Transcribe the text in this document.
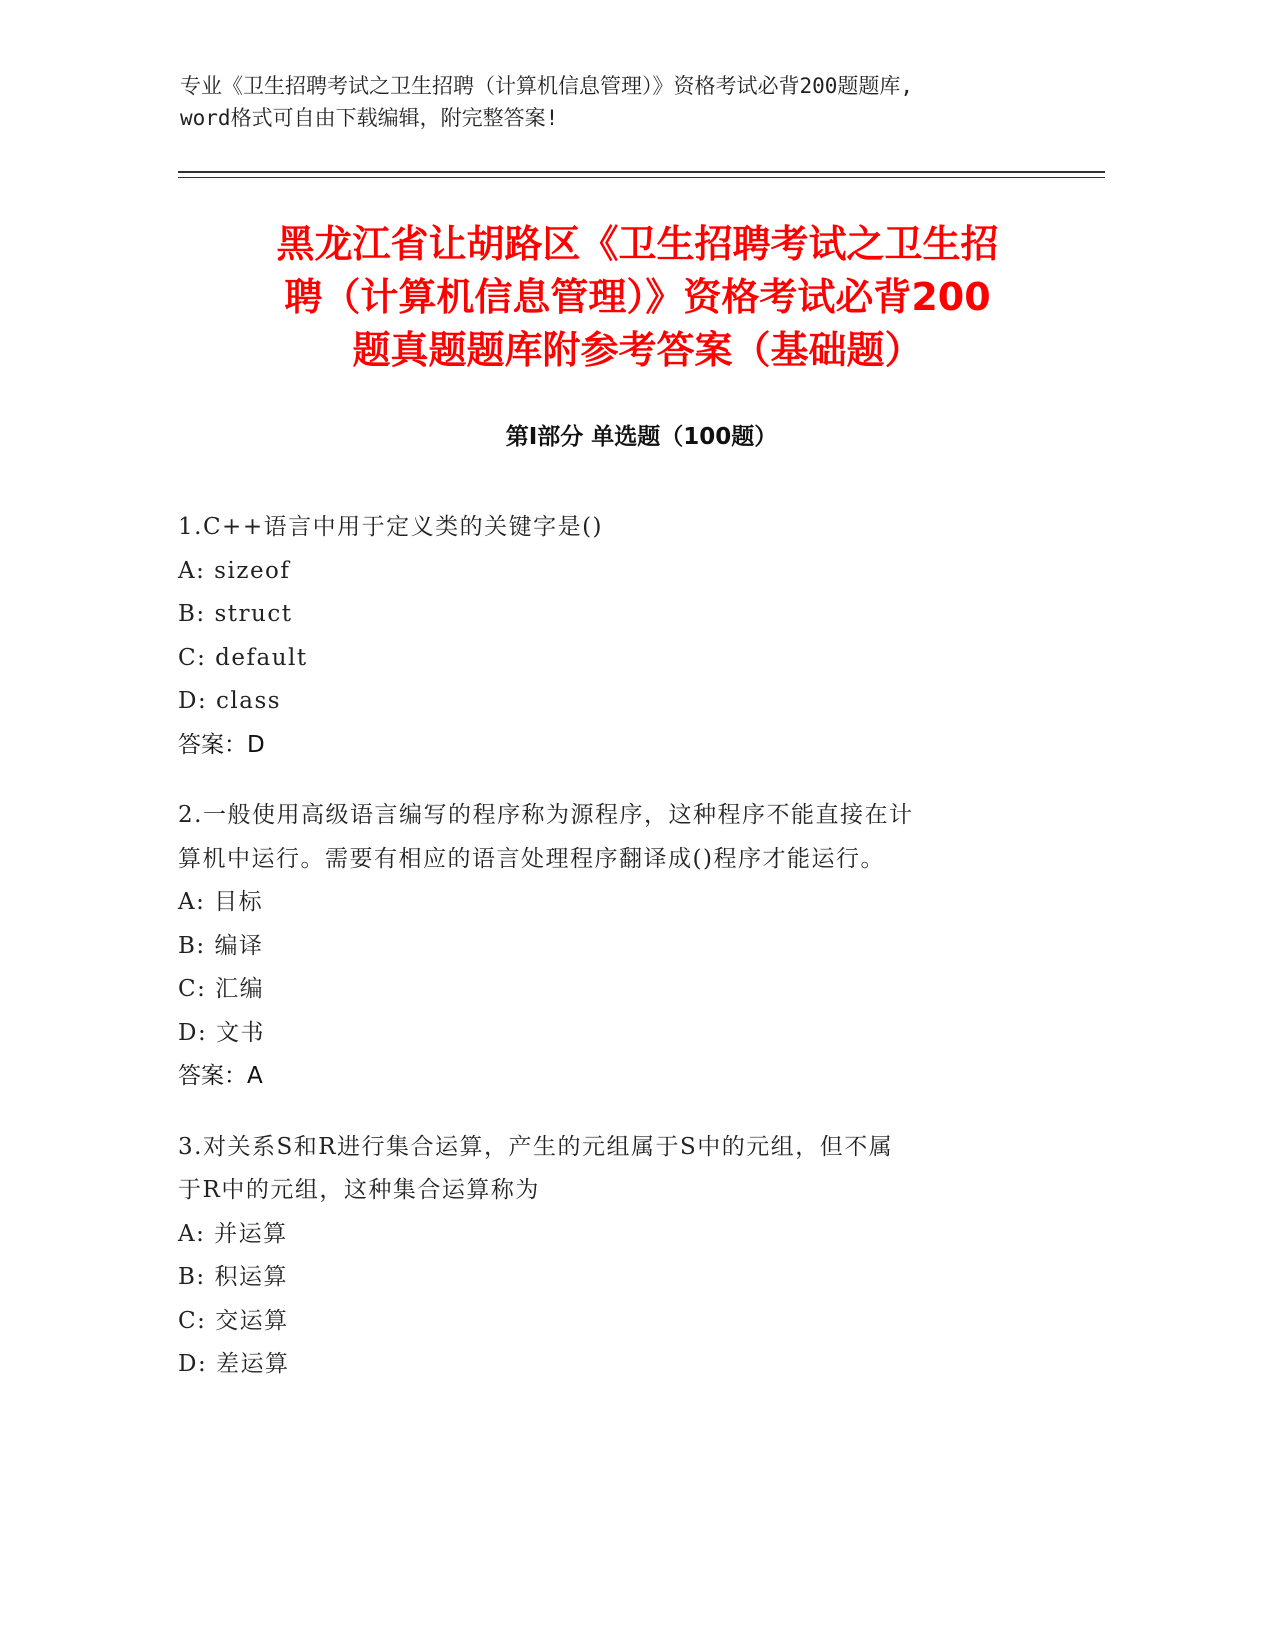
专业《卫生招聘考试之卫生招聘（计算机信息管理）》资格考试必背200题题库,
word格式可自由下载编辑，附完整答案!
黑龙江省让胡路区《卫生招聘考试之卫生招
聘（计算机信息管理）》资格考试必背200
题真题题库附参考答案（基础题）
第Ⅰ部分 单选题（100题）
1.C++语言中用于定义类的关键字是()
A: sizeof
B: struct
C: default
D: class
答案：D
2.一般使用高级语言编写的程序称为源程序，这种程序不能直接在计
算机中运行。需要有相应的语言处理程序翻译成()程序才能运行。
A: 目标
B: 编译
C: 汇编
D: 文书
答案：A
3.对关系S和R进行集合运算，产生的元组属于S中的元组，但不属
于R中的元组，这种集合运算称为
A: 并运算
B: 积运算
C: 交运算
D: 差运算
